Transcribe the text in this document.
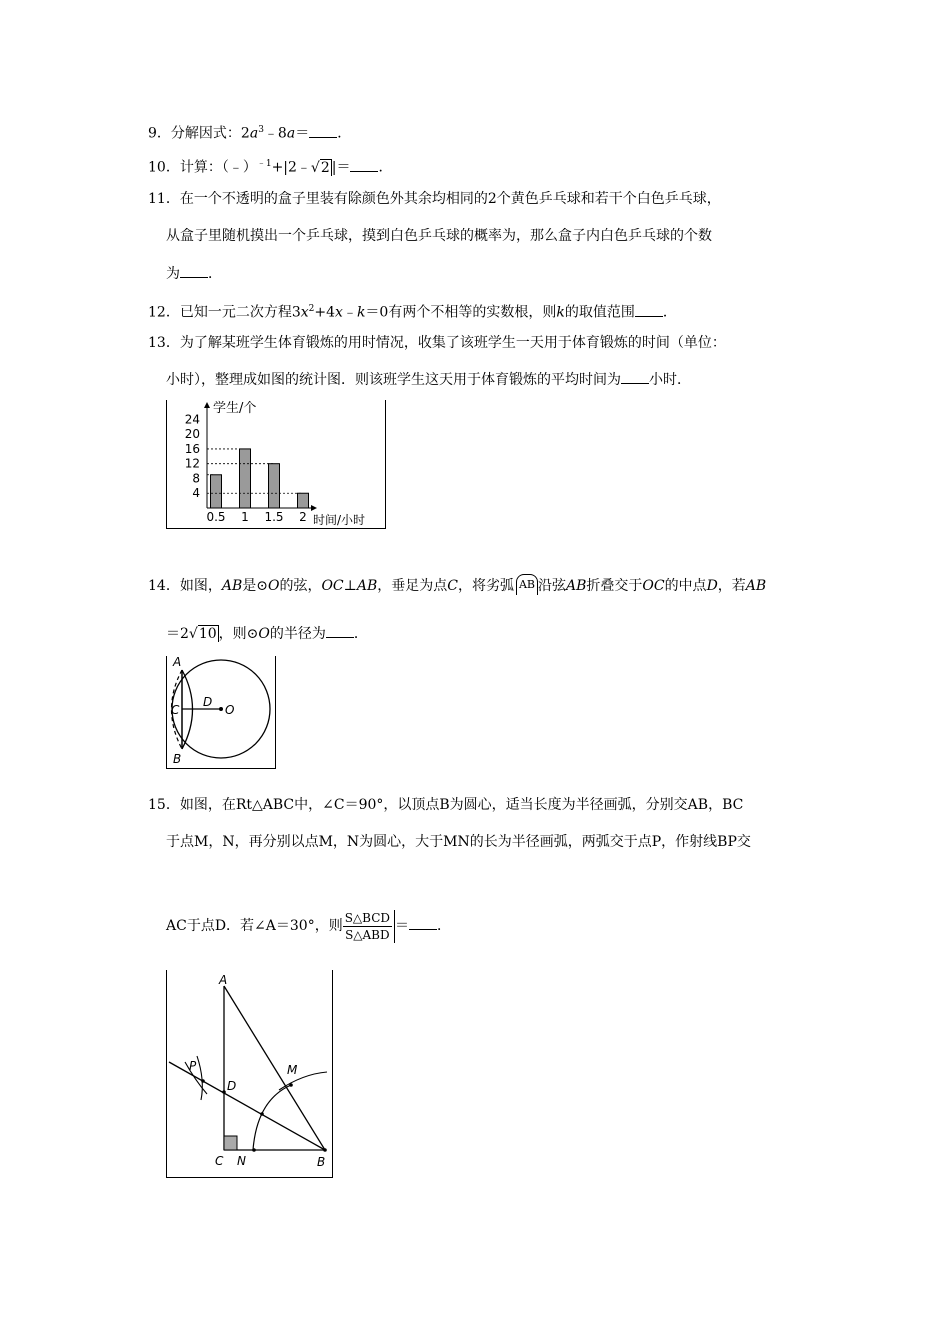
9．分解因式：$2a^3﹣8a=$ ．
10．计算：（﹣）$^{﹣1}$+|2﹣√2 |＝ ．
11．在一个不透明的盒子里装有除颜色外其余均相同的2个黄色乒乓球和若干个白色乒乓球，
从盒子里随机摸出一个乒乓球，摸到白色乒乓球的概率为，那么盒子内白色乒乓球的个数
为 ．
12．已知一元二次方程$3x^2+4x﹣k=0$有两个不相等的实数根，则k的取值范围 ．
13．为了解某班学生体育锻炼的用时情况，收集了该班学生一天用于体育锻炼的时间（单位：
小时），整理成如图的统计图．则该班学生这天用于体育锻炼的平均时间为 小时．
学生/个
时间/小时
24
20
16
12
8
4
0.5 1 1.5 2
14．如图，AB是⊙O的弦，OC⊥AB，垂足为点C，将劣弧 AB 沿弦AB折叠交于OC的中点D，若AB
＝2√10 ，则⊙O的半径为 ．
A
C
D
O
B
15．如图，在Rt△ABC中，∠C＝90°，以顶点B为圆心，适当长度为半径画弧，分别交AB，BC
于点M，N，再分别以点M，N为圆心，大于MN的长为半径画弧，两弧交于点P，作射线BP交
AC于点D．若∠A＝30°，则 $\frac{\text{S△BCD}}{\text{S△ABD}}$ ＝ ．
A
P
D
M
C N	B
